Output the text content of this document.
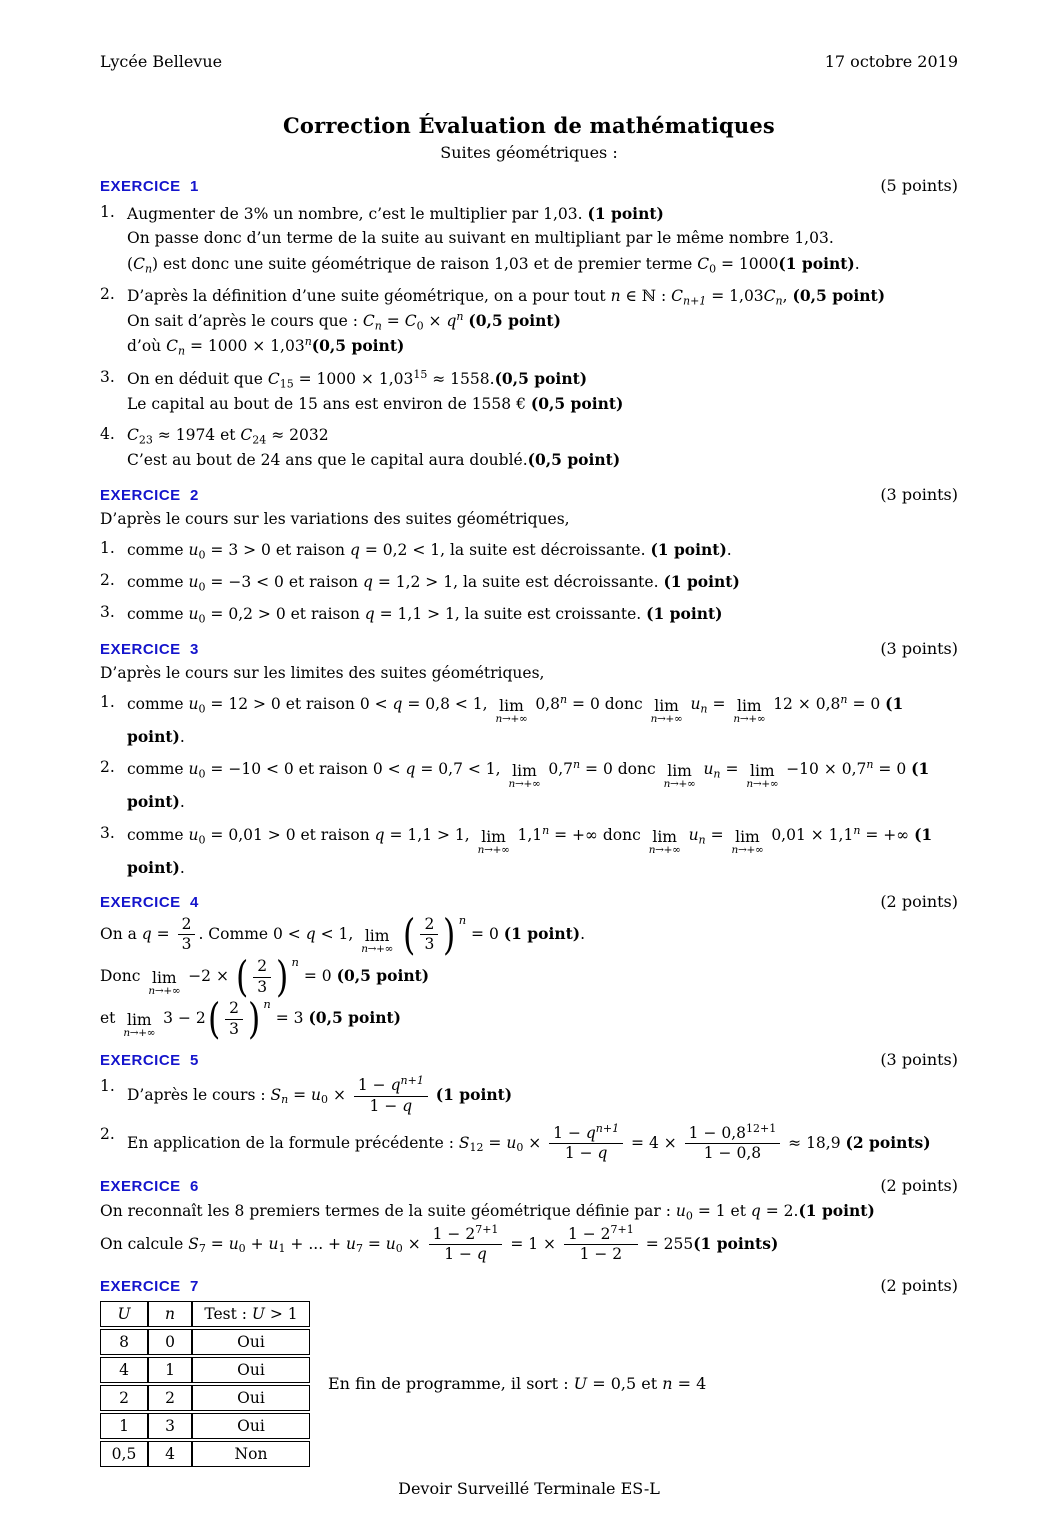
Lycée Bellevue	17 octobre 2019
Correction Évaluation de mathématiques
Suites géométriques :
EXERCICE  1	(5 points)
1. Augmenter de 3% un nombre, c’est le multiplier par 1,03. (1 point)
On passe donc d’un terme de la suite au suivant en multipliant par le même nombre 1,03.
$(C_n)$ est donc une suite géométrique de raison 1,03 et de premier terme $C_0 = 1000(1$ point).
2. D’après la définition d’une suite géométrique, on a pour tout n ∈ ℕ : $C_{n+1} = 1,03C_n$, (0,5 point)
On sait d’après le cours que : $C_n = C_0 \times q^n$ (0,5 point)
d’où $C_n = 1000 \times 1,03^n(0,5$ point)
3. On en déduit que $C_{15} = 1000 \times 1,03^{15} \approx 1558.(0,5$ point)
Le capital au bout de 15 ans est environ de 1558 € (0,5 point)
4. $C_{23} \approx 1974$ et $C_{24} \approx 2032$
C’est au bout de 24 ans que le capital aura doublé.(0,5 point)
EXERCICE  2	(3 points)
D’après le cours sur les variations des suites géométriques,
1. comme $u_0 = 3 > 0$ et raison q = 0,2 < 1, la suite est décroissante. (1 point).
2. comme $u_0 = -3 < 0$ et raison q = 1,2 > 1, la suite est décroissante. (1 point)
3. comme $u_0 = 0,2 > 0$ et raison q = 1,1 > 1, la suite est croissante. (1 point)
EXERCICE  3	(3 points)
D’après le cours sur les limites des suites géométriques,
1. comme $u_0 = 12 > 0$ et raison 0 < q = 0,8 < 1, lim
n→+∞
$0,8^n = 0$ donc lim
n→+∞
$u_n = \lim$
n→+∞
$12 \times 0,8^n = 0$ (1 point).
2. comme $u_0 = -10 < 0$ et raison 0 < q = 0,7 < 1, lim
n→+∞
$0,7^n = 0$ donc lim
n→+∞
$u_n = \lim$
n→+∞
$-10 \times 0,7^n = 0$ (1 point).
3. comme $u_0 = 0,01 > 0$ et raison q = 1,1 > 1, lim
n→+∞
$1,1^n$ = +∞ donc lim
n→+∞
$u_n = \lim$
n→+∞
$0,01 \times 1,1^n$ = +∞ (1 point).
EXERCICE  4	(2 points)
On a $q = \frac{2}{3}$ . Comme 0 < q < 1, lim
n→+∞
( $\frac{2}{3}$ ) n
= 0 (1 point).
Donc lim
n→+∞
−2 × ( $\frac{2}{3}$ ) n
= 0 (0,5 point)
et lim
n→+∞
3 − 2 ( $\frac{2}{3}$ ) n
= 3 (0,5 point)
EXERCICE  5	(3 points)
1. D’après le cours : $S_n = u_0 \times \frac{1 - q^{n+1}}{1 - q} (1$ point)
2. En application de la formule précédente : $S_{12} = u_0 \times \frac{1 - q^{n+1}}{1 - q} = 4 \times \frac{1 - 0,8^{12+1}}{1 - 0,8} \approx 18,9$ (2 points)
EXERCICE  6	(2 points)
On reconnaît les 8 premiers termes de la suite géométrique définie par : $u_0 = 1$ et q = 2.(1 point)
On calcule $S_7 = u_0 + u_1$ + ... + $u_7 = u_0 \times \frac{1 - 2^{7+1}}{1 - q} = 1 \times \frac{1 - 2^{7+1}}{1 - 2} = 255(1$ points)
EXERCICE  7	(2 points)
U	n	Test : U > 1
8	0	Oui
4	1	Oui
2	2	Oui
1	3	Oui
0,5	4	Non
En fin de programme, il sort : U = 0,5 et n = 4
Devoir Surveillé Terminale ES-L
